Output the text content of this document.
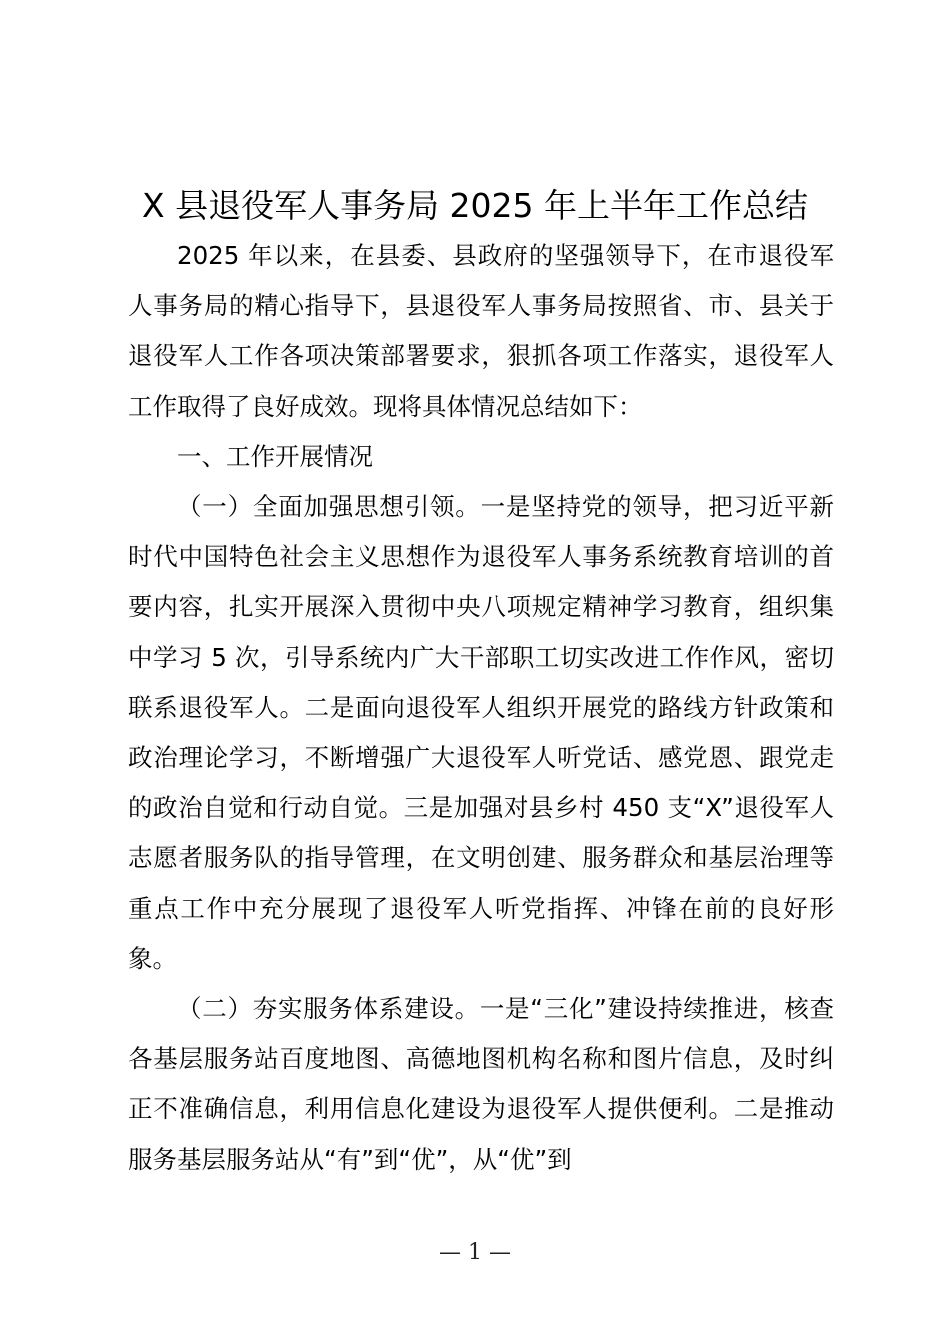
X 县退役军人事务局 2025 年上半年工作总结

2025 年以来，在县委、县政府的坚强领导下，在市退役军人事务局的精心指导下，县退役军人事务局按照省、市、县关于退役军人工作各项决策部署要求，狠抓各项工作落实，退役军人工作取得了良好成效。现将具体情况总结如下：

一、工作开展情况

（一）全面加强思想引领。一是坚持党的领导，把习近平新时代中国特色社会主义思想作为退役军人事务系统教育培训的首要内容，扎实开展深入贯彻中央八项规定精神学习教育，组织集中学习 5 次，引导系统内广大干部职工切实改进工作作风，密切联系退役军人。二是面向退役军人组织开展党的路线方针政策和政治理论学习，不断增强广大退役军人听党话、感党恩、跟党走的政治自觉和行动自觉。三是加强对县乡村 450 支“X”退役军人志愿者服务队的指导管理，在文明创建、服务群众和基层治理等重点工作中充分展现了退役军人听党指挥、冲锋在前的良好形象。

（二）夯实服务体系建设。一是“三化”建设持续推进，核查各基层服务站百度地图、高德地图机构名称和图片信息，及时纠正不准确信息，利用信息化建设为退役军人提供便利。二是推动服务基层服务站从“有”到“优”，从“优”到

— 1 —
